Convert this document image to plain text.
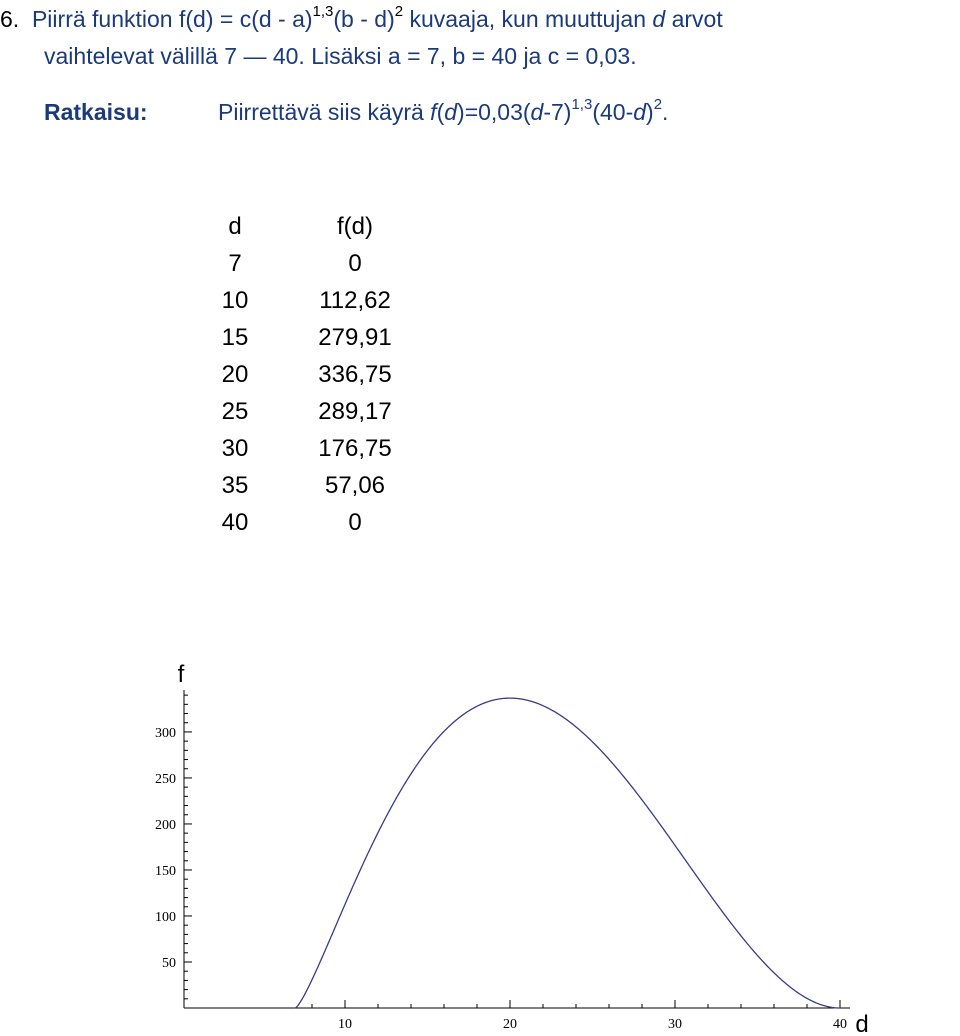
6. Piirrä funktion f(d) = c(d - a)$^{1,3}$(b - d)$^2$ kuvaaja, kun muuttujan d arvot
vaihtelevat välillä 7 — 40. Lisäksi a = 7, b = 40 ja c = 0,03.
Ratkaisu:	Piirrettävä siis käyrä $f(d)=0,03(d-7)^{1,3}(40-d)^2$.
d	f(d)
7	0
10	112,62
15	279,91
20	336,75
25	289,17
30	176,75
35	57,06
40	0
10	20	30	40
50
100
150
200
250
300
f
d
